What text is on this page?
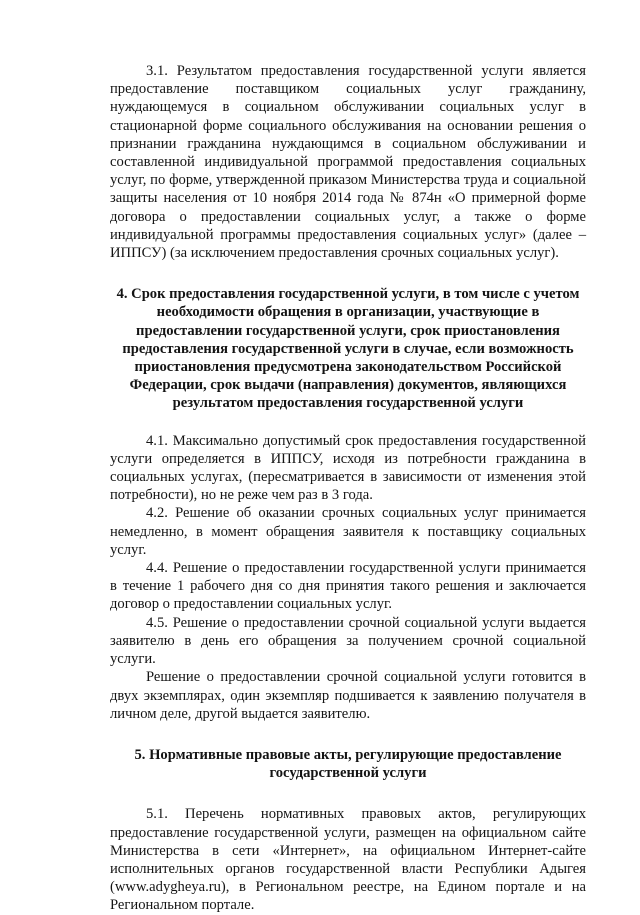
3.1. Результатом предоставления государственной услуги является предоставление поставщиком социальных услуг гражданину, нуждающемуся в социальном обслуживании социальных услуг в стационарной форме социального обслуживания на основании решения о признании гражданина нуждающимся в социальном обслуживании и составленной индивидуальной программой предоставления социальных услуг, по форме, утвержденной приказом Министерства труда и социальной защиты населения от 10 ноября 2014 года № 874н «О примерной форме договора о предоставлении социальных услуг, а также о форме индивидуальной программы предоставления социальных услуг» (далее – ИППСУ) (за исключением предоставления срочных социальных услуг).

4. Срок предоставления государственной услуги, в том числе с учетом необходимости обращения в организации, участвующие в предоставлении государственной услуги, срок приостановления предоставления государственной услуги в случае, если возможность приостановления предусмотрена законодательством Российской Федерации, срок выдачи (направления) документов, являющихся результатом предоставления государственной услуги

4.1. Максимально допустимый срок предоставления государственной услуги определяется в ИППСУ, исходя из потребности гражданина в социальных услугах, (пересматривается в зависимости от изменения этой потребности), но не реже чем раз в 3 года.

4.2. Решение об оказании срочных социальных услуг принимается немедленно, в момент обращения заявителя к поставщику социальных услуг.

4.4. Решение о предоставлении государственной услуги принимается в течение 1 рабочего дня со дня принятия такого решения и заключается договор о предоставлении социальных услуг.

4.5. Решение о предоставлении срочной социальной услуги выдается заявителю в день его обращения за получением срочной социальной услуги.

Решение о предоставлении срочной социальной услуги готовится в двух экземплярах, один экземпляр подшивается к заявлению получателя в личном деле, другой выдается заявителю.

5. Нормативные правовые акты, регулирующие предоставление государственной услуги

5.1. Перечень нормативных правовых актов, регулирующих предоставление государственной услуги, размещен на официальном сайте Министерства в сети «Интернет», на официальном Интернет-сайте исполнительных органов государственной власти Республики Адыгея (www.adygheya.ru), в Региональном реестре, на Едином портале и на Региональном портале.
